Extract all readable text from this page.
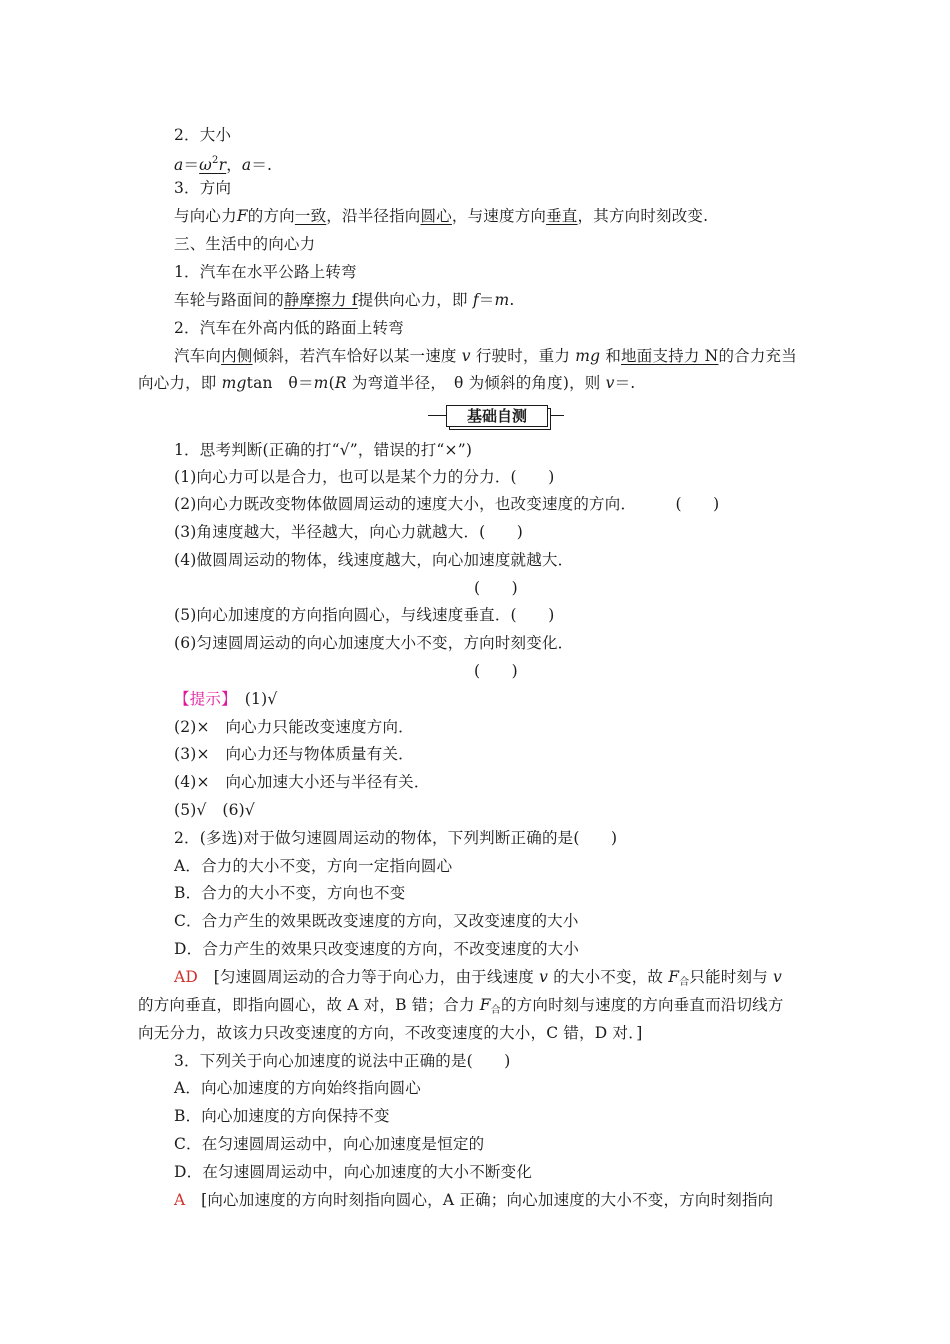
2．大小
$a=\omega^2r$，a＝.
3．方向
与向心力F的方向一致，沿半径指向圆心，与速度方向垂直，其方向时刻改变.
三、生活中的向心力
1．汽车在水平公路上转弯
车轮与路面间的静摩擦力 f提供向心力，即 f＝m.
2．汽车在外高内低的路面上转弯
汽车向内侧倾斜，若汽车恰好以某一速度 v 行驶时，重力 mg 和地面支持力 N的合力充当
向心力，即 mgtan　θ＝m(R 为弯道半径，　θ 为倾斜的角度)，则 v＝.
基础自测
1．思考判断(正确的打“√”，错误的打“×”)
(1)向心力可以是合力，也可以是某个力的分力．(　　)
(2)向心力既改变物体做圆周运动的速度大小，也改变速度的方向．　　　(　　)
(3)角速度越大，半径越大，向心力就越大．(　　)
(4)做圆周运动的物体，线速度越大，向心加速度就越大．
(　　)
(5)向心加速度的方向指向圆心，与线速度垂直．(　　)
(6)匀速圆周运动的向心加速度大小不变，方向时刻变化．
(　　)
【提示】　(1)√
(2)×　向心力只能改变速度方向．
(3)×　向心力还与物体质量有关．
(4)×　向心加速大小还与半径有关．
(5)√　(6)√
2．(多选)对于做匀速圆周运动的物体，下列判断正确的是(　　)
A．合力的大小不变，方向一定指向圆心
B．合力的大小不变，方向也不变
C．合力产生的效果既改变速度的方向，又改变速度的大小
D．合力产生的效果只改变速度的方向，不改变速度的大小
AD　[匀速圆周运动的合力等于向心力，由于线速度 v 的大小不变，故 $F_合$只能时刻与 v
的方向垂直，即指向圆心，故 A 对，B 错；合力 $F_合$的方向时刻与速度的方向垂直而沿切线方
向无分力，故该力只改变速度的方向，不改变速度的大小，C 错，D 对．]
3．下列关于向心加速度的说法中正确的是(　　)
A．向心加速度的方向始终指向圆心
B．向心加速度的方向保持不变
C．在匀速圆周运动中，向心加速度是恒定的
D．在匀速圆周运动中，向心加速度的大小不断变化
A　[向心加速度的方向时刻指向圆心，A 正确；向心加速度的大小不变，方向时刻指向
